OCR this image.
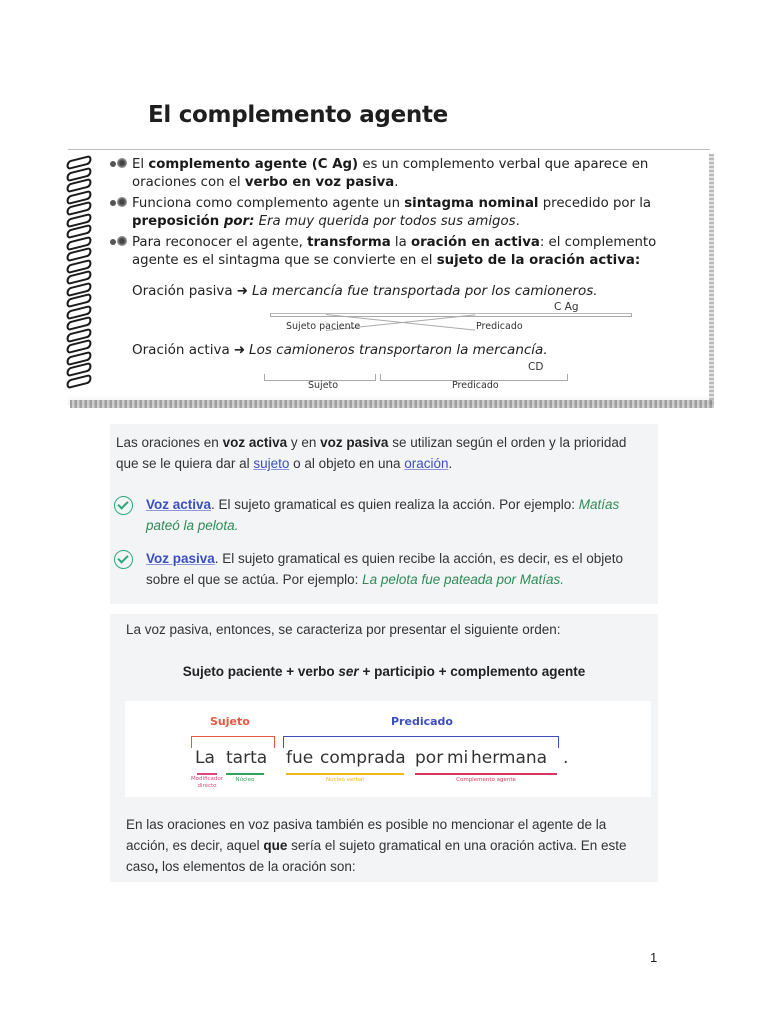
El complemento agente
El complemento agente (C Ag) es un complemento verbal que aparece en oraciones con el verbo en voz pasiva.
Funciona como complemento agente un sintagma nominal precedido por la preposición por: Era muy querida por todos sus amigos.
Para reconocer el agente, transforma la oración en activa: el complemento agente es el sintagma que se convierte en el sujeto de la oración activa:
Oración pasiva ➜ La mercancía fue transportada por los camioneros.
C Ag
Sujeto paciente	Predicado
Oración activa ➜ Los camioneros transportaron la mercancía.
CD
Sujeto	Predicado
Las oraciones en voz activa y en voz pasiva se utilizan según el orden y la prioridad que se le quiera dar al sujeto o al objeto en una oración.
Voz activa. El sujeto gramatical es quien realiza la acción. Por ejemplo: Matías pateó la pelota.
Voz pasiva. El sujeto gramatical es quien recibe la acción, es decir, es el objeto sobre el que se actúa. Por ejemplo: La pelota fue pateada por Matías.
La voz pasiva, entonces, se caracteriza por presentar el siguiente orden:
Sujeto paciente + verbo ser + participio + complemento agente
Sujeto	Predicado
La tarta fue comprada por mi hermana .
Modificador directo
Núcleo	Núcleo verbal	Complemento agente
En las oraciones en voz pasiva también es posible no mencionar el agente de la acción, es decir, aquel que sería el sujeto gramatical en una oración activa. En este caso, los elementos de la oración son:
1
